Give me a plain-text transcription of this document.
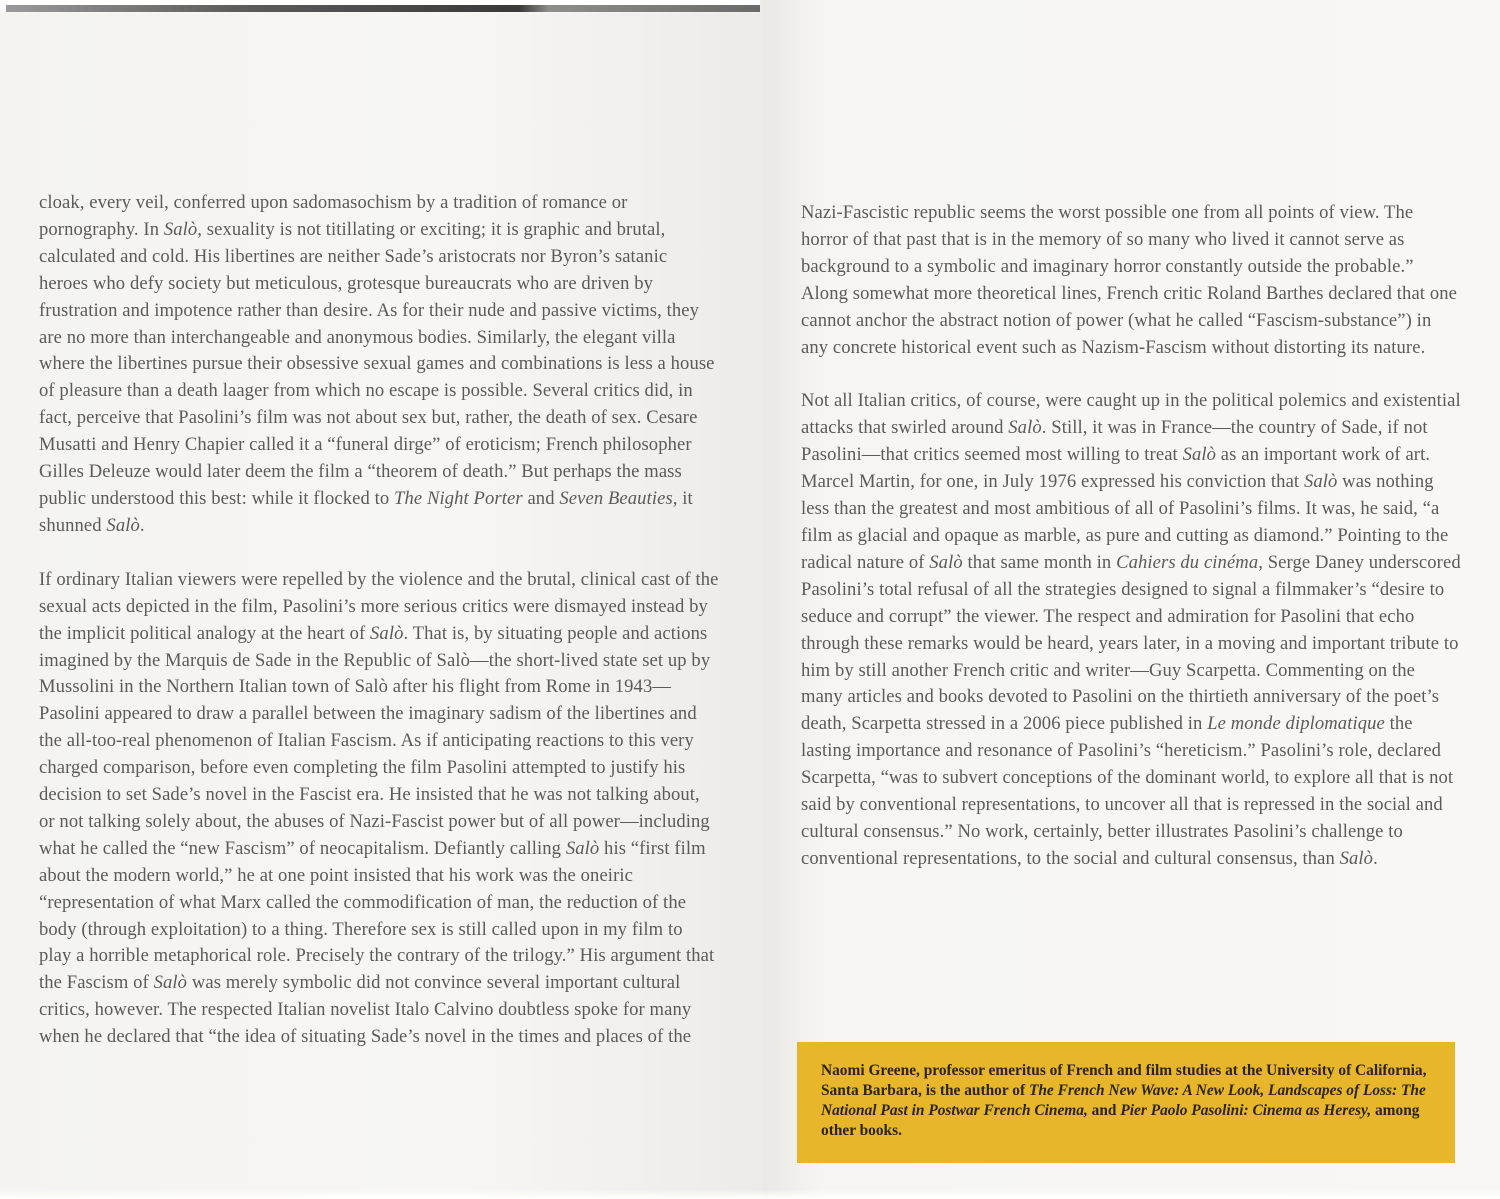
cloak, every veil, conferred upon sadomasochism by a tradition of romance or pornography. In Salò, sexuality is not titillating or exciting; it is graphic and brutal, calculated and cold. His libertines are neither Sade’s aristocrats nor Byron’s satanic heroes who defy society but meticulous, grotesque bureaucrats who are driven by frustration and impotence rather than desire. As for their nude and passive victims, they are no more than interchangeable and anonymous bodies. Similarly, the elegant villa where the libertines pursue their obsessive sexual games and combinations is less a house of pleasure than a death laager from which no escape is possible. Several critics did, in fact, perceive that Pasolini’s film was not about sex but, rather, the death of sex. Cesare Musatti and Henry Chapier called it a “funeral dirge” of eroticism; French philosopher Gilles Deleuze would later deem the film a “theorem of death.” But perhaps the mass public understood this best: while it flocked to The Night Porter and Seven Beauties, it shunned Salò.

If ordinary Italian viewers were repelled by the violence and the brutal, clinical cast of the sexual acts depicted in the film, Pasolini’s more serious critics were dismayed instead by the implicit political analogy at the heart of Salò. That is, by situating people and actions imagined by the Marquis de Sade in the Republic of Salò—the short-lived state set up by Mussolini in the Northern Italian town of Salò after his flight from Rome in 1943—Pasolini appeared to draw a parallel between the imaginary sadism of the libertines and the all-too-real phenomenon of Italian Fascism. As if anticipating reactions to this very charged comparison, before even completing the film Pasolini attempted to justify his decision to set Sade’s novel in the Fascist era. He insisted that he was not talking about, or not talking solely about, the abuses of Nazi-Fascist power but of all power—including what he called the “new Fascism” of neocapitalism. Defiantly calling Salò his “first film about the modern world,” he at one point insisted that his work was the oneiric “representation of what Marx called the commodification of man, the reduction of the body (through exploitation) to a thing. Therefore sex is still called upon in my film to play a horrible metaphorical role. Precisely the contrary of the trilogy.” His argument that the Fascism of Salò was merely symbolic did not convince several important cultural critics, however. The respected Italian novelist Italo Calvino doubtless spoke for many when he declared that “the idea of situating Sade’s novel in the times and places of the

Nazi-Fascistic republic seems the worst possible one from all points of view. The horror of that past that is in the memory of so many who lived it cannot serve as background to a symbolic and imaginary horror constantly outside the probable.” Along somewhat more theoretical lines, French critic Roland Barthes declared that one cannot anchor the abstract notion of power (what he called “Fascism-substance”) in any concrete historical event such as Nazism-Fascism without distorting its nature.

Not all Italian critics, of course, were caught up in the political polemics and existential attacks that swirled around Salò. Still, it was in France—the country of Sade, if not Pasolini—that critics seemed most willing to treat Salò as an important work of art. Marcel Martin, for one, in July 1976 expressed his conviction that Salò was nothing less than the greatest and most ambitious of all of Pasolini’s films. It was, he said, “a film as glacial and opaque as marble, as pure and cutting as diamond.” Pointing to the radical nature of Salò that same month in Cahiers du cinéma, Serge Daney underscored Pasolini’s total refusal of all the strategies designed to signal a filmmaker’s “desire to seduce and corrupt” the viewer. The respect and admiration for Pasolini that echo through these remarks would be heard, years later, in a moving and important tribute to him by still another French critic and writer—Guy Scarpetta. Commenting on the many articles and books devoted to Pasolini on the thirtieth anniversary of the poet’s death, Scarpetta stressed in a 2006 piece published in Le monde diplomatique the lasting importance and resonance of Pasolini’s “hereticism.” Pasolini’s role, declared Scarpetta, “was to subvert conceptions of the dominant world, to explore all that is not said by conventional representations, to uncover all that is repressed in the social and cultural consensus.” No work, certainly, better illustrates Pasolini’s challenge to conventional representations, to the social and cultural consensus, than Salò.

Naomi Greene, professor emeritus of French and film studies at the University of California, Santa Barbara, is the author of The French New Wave: A New Look, Landscapes of Loss: The National Past in Postwar French Cinema, and Pier Paolo Pasolini: Cinema as Heresy, among other books.
